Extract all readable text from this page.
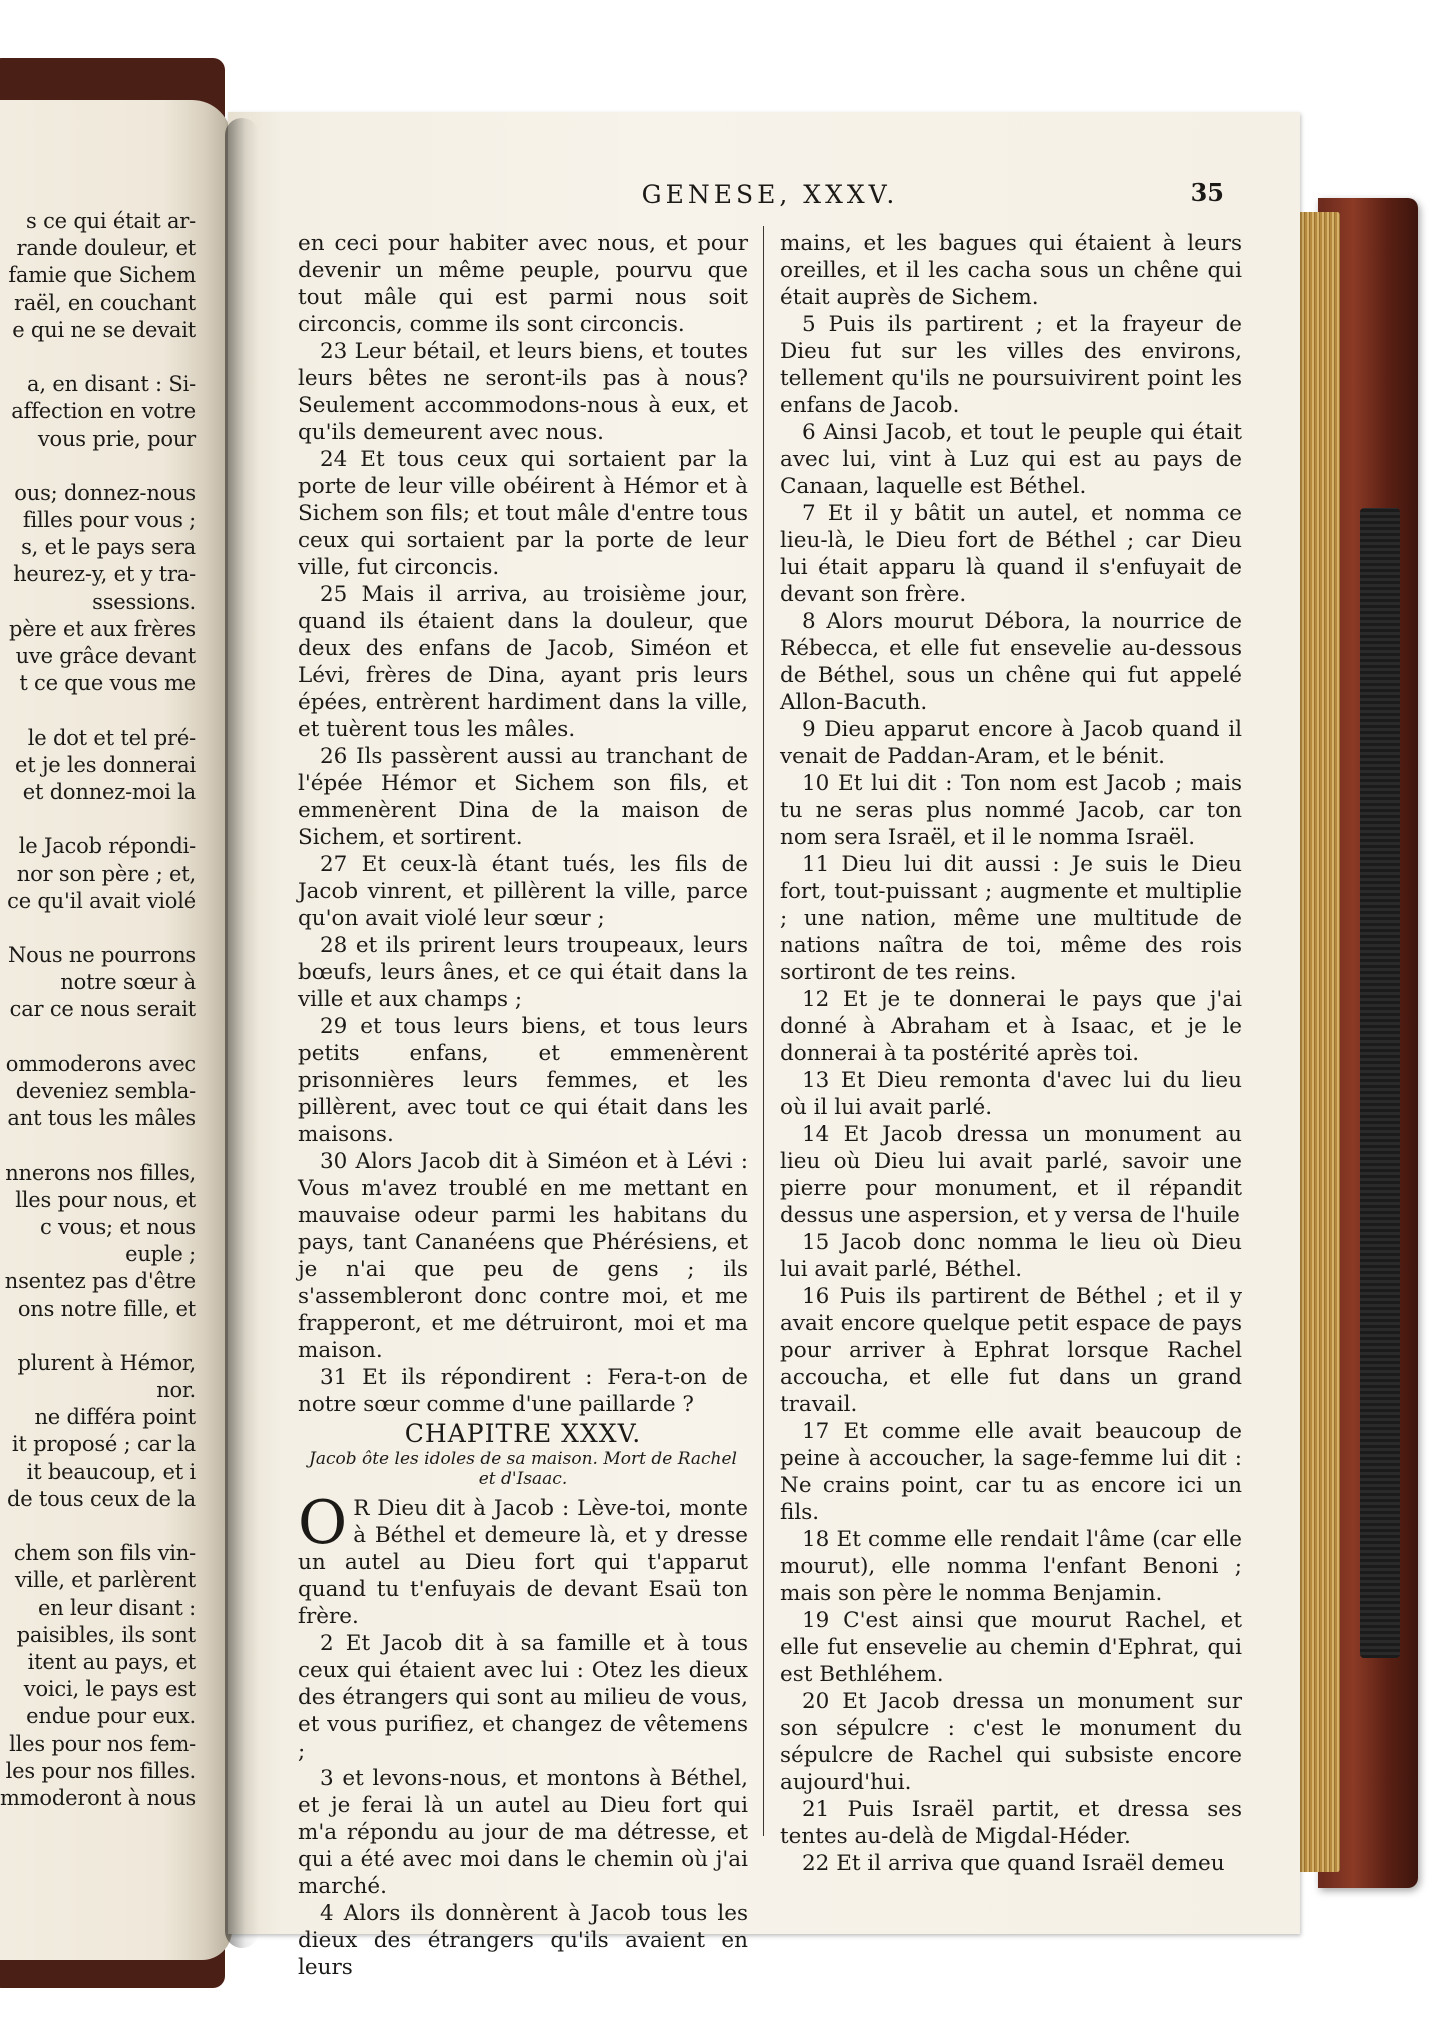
s ce qui était ar-
rande douleur, et
famie que Sichem
raël, en couchant
e qui ne se devait
a, en disant : Si-
affection en votre
vous prie, pour
ous; donnez-nous
filles pour vous ;
s, et le pays sera
heurez-y, et y tra-
ssessions.
père et aux frères
uve grâce devant
t ce que vous me
le dot et tel pré-
et je les donnerai
et donnez-moi la
le Jacob répondi-
nor son père ; et,
ce qu'il avait violé
Nous ne pourrons
notre sœur à
car ce nous serait
ommoderons avec
deveniez sembla-
ant tous les mâles
nnerons nos filles,
lles pour nous, et
c vous; et nous
euple ;
nsentez pas d'être
ons notre fille, et
plurent à Hémor,
nor.
ne différa point
it proposé ; car la
it beaucoup, et i
de tous ceux de la
chem son fils vin-
ville, et parlèrent
en leur disant :
paisibles, ils sont
itent au pays, et
voici, le pays est
endue pour eux.
lles pour nos fem-
les pour nos filles.
mmoderont à nous
GENESE, XXXV.	35

en ceci pour habiter avec nous, et pour devenir un même peuple, pourvu que tout mâle qui est parmi nous soit circoncis, comme ils sont circoncis.

23 Leur bétail, et leurs biens, et toutes leurs bêtes ne seront-ils pas à nous? Seulement accommodons-nous à eux, et qu'ils demeurent avec nous.

24 Et tous ceux qui sortaient par la porte de leur ville obéirent à Hémor et à Sichem son fils; et tout mâle d'entre tous ceux qui sortaient par la porte de leur ville, fut circoncis.

25 Mais il arriva, au troisième jour, quand ils étaient dans la douleur, que deux des enfans de Jacob, Siméon et Lévi, frères de Dina, ayant pris leurs épées, entrèrent hardiment dans la ville, et tuèrent tous les mâles.

26 Ils passèrent aussi au tranchant de l'épée Hémor et Sichem son fils, et emmenèrent Dina de la maison de Sichem, et sortirent.

27 Et ceux-là étant tués, les fils de Jacob vinrent, et pillèrent la ville, parce qu'on avait violé leur sœur ;

28 et ils prirent leurs troupeaux, leurs bœufs, leurs ânes, et ce qui était dans la ville et aux champs ;

29 et tous leurs biens, et tous leurs petits enfans, et emmenèrent prisonnières leurs femmes, et les pillèrent, avec tout ce qui était dans les maisons.

30 Alors Jacob dit à Siméon et à Lévi : Vous m'avez troublé en me mettant en mauvaise odeur parmi les habitans du pays, tant Cananéens que Phérésiens, et je n'ai que peu de gens ; ils s'assembleront donc contre moi, et me frapperont, et me détruiront, moi et ma maison.

31 Et ils répondirent : Fera-t-on de notre sœur comme d'une paillarde ?

CHAPITRE XXXV.
Jacob ôte les idoles de sa maison. Mort de Rachel
et d'Isaac.

O R Dieu dit à Jacob : Lève-toi, monte à Béthel et demeure là, et y dresse un autel au Dieu fort qui t'apparut quand tu t'enfuyais de devant Esaü ton frère.

2 Et Jacob dit à sa famille et à tous ceux qui étaient avec lui : Otez les dieux des étrangers qui sont au milieu de vous, et vous purifiez, et changez de vêtemens ;

3 et levons-nous, et montons à Béthel, et je ferai là un autel au Dieu fort qui m'a répondu au jour de ma détresse, et qui a été avec moi dans le chemin où j'ai marché.

4 Alors ils donnèrent à Jacob tous les dieux des étrangers qu'ils avaient en leurs

mains, et les bagues qui étaient à leurs oreilles, et il les cacha sous un chêne qui était auprès de Sichem.

5 Puis ils partirent ; et la frayeur de Dieu fut sur les villes des environs, tellement qu'ils ne poursuivirent point les enfans de Jacob.

6 Ainsi Jacob, et tout le peuple qui était avec lui, vint à Luz qui est au pays de Canaan, laquelle est Béthel.

7 Et il y bâtit un autel, et nomma ce lieu-là, le Dieu fort de Béthel ; car Dieu lui était apparu là quand il s'enfuyait de devant son frère.

8 Alors mourut Débora, la nourrice de Rébecca, et elle fut ensevelie au-dessous de Béthel, sous un chêne qui fut appelé Allon-Bacuth.

9 Dieu apparut encore à Jacob quand il venait de Paddan-Aram, et le bénit.

10 Et lui dit : Ton nom est Jacob ; mais tu ne seras plus nommé Jacob, car ton nom sera Israël, et il le nomma Israël.

11 Dieu lui dit aussi : Je suis le Dieu fort, tout-puissant ; augmente et multiplie ; une nation, même une multitude de nations naîtra de toi, même des rois sortiront de tes reins.

12 Et je te donnerai le pays que j'ai donné à Abraham et à Isaac, et je le donnerai à ta postérité après toi.

13 Et Dieu remonta d'avec lui du lieu où il lui avait parlé.

14 Et Jacob dressa un monument au lieu où Dieu lui avait parlé, savoir une pierre pour monument, et il répandit dessus une aspersion, et y versa de l'huile

15 Jacob donc nomma le lieu où Dieu lui avait parlé, Béthel.

16 Puis ils partirent de Béthel ; et il y avait encore quelque petit espace de pays pour arriver à Ephrat lorsque Rachel accoucha, et elle fut dans un grand travail.

17 Et comme elle avait beaucoup de peine à accoucher, la sage-femme lui dit : Ne crains point, car tu as encore ici un fils.

18 Et comme elle rendait l'âme (car elle mourut), elle nomma l'enfant Benoni ; mais son père le nomma Benjamin.

19 C'est ainsi que mourut Rachel, et elle fut ensevelie au chemin d'Ephrat, qui est Bethléhem.

20 Et Jacob dressa un monument sur son sépulcre : c'est le monument du sépulcre de Rachel qui subsiste encore aujourd'hui.

21 Puis Israël partit, et dressa ses tentes au-delà de Migdal-Héder.

22 Et il arriva que quand Israël demeu
